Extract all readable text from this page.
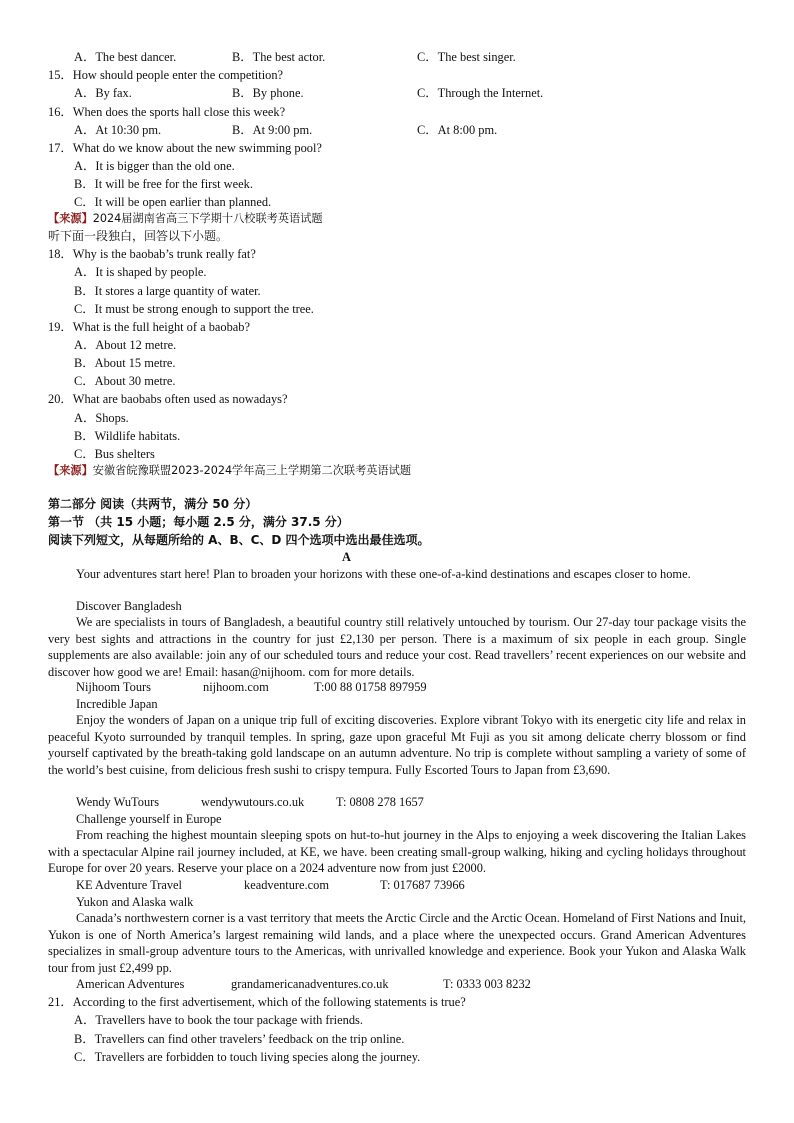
A．The best dancer.	B．The best actor.	C．The best singer.
15．How should people enter the competition?
A．By fax.	B．By phone.	C．Through the Internet.
16．When does the sports hall close this week?
A．At 10:30 pm.	B．At 9:00 pm.	C．At 8:00 pm.
17．What do we know about the new swimming pool?
A．It is bigger than the old one.
B．It will be free for the first week.
C．It will be open earlier than planned.
【来源】2024届湖南省高三下学期十八校联考英语试题
听下面一段独白，回答以下小题。
18．Why is the baobab’s trunk really fat?
A．It is shaped by people.
B．It stores a large quantity of water.
C．It must be strong enough to support the tree.
19．What is the full height of a baobab?
A．About 12 metre.
B．About 15 metre.
C．About 30 metre.
20．What are baobabs often used as nowadays?
A．Shops.
B．Wildlife habitats.
C．Bus shelters
【来源】安徽省皖豫联盟2023-2024学年高三上学期第二次联考英语试题
第二部分 阅读（共两节，满分 50 分）
第一节 （共 15 小题；每小题 2.5 分，满分 37.5 分）
阅读下列短文，从每题所给的 A、B、C、D 四个选项中选出最佳选项。
A
Your adventures start here! Plan to broaden your horizons with these one-of-a-kind destinations and escapes closer to home.
Discover Bangladesh
We are specialists in tours of Bangladesh, a beautiful country still relatively untouched by tourism. Our 27-day tour package visits the very best sights and attractions in the country for just £2,130 per person. There is a maximum of six people in each group. Single supplements are also available: join any of our scheduled tours and reduce your cost. Read travellers’ recent experiences on our website and discover how good we are! Email: hasan@nijhoom. com for more details.
Nijhoom Tours	nijhoom.com	T:00 88 01758 897959
Incredible Japan
Enjoy the wonders of Japan on a unique trip full of exciting discoveries. Explore vibrant Tokyo with its energetic city life and relax in peaceful Kyoto surrounded by tranquil temples. In spring, gaze upon graceful Mt Fuji as you sit among delicate cherry blossom or find yourself captivated by the breath-taking gold landscape on an autumn adventure. No trip is complete without sampling a variety of some of the world’s best cuisine, from delicious fresh sushi to crispy tempura. Fully Escorted Tours to Japan from £3,690.
Wendy WuTours	wendywutours.co.uk	T: 0808 278 1657
Challenge yourself in Europe
From reaching the highest mountain sleeping spots on hut-to-hut journey in the Alps to enjoying a week discovering the Italian Lakes with a spectacular Alpine rail journey included, at KE, we have. been creating small-group walking, hiking and cycling holidays throughout Europe for over 20 years. Reserve your place on a 2024 adventure now from just £2000.
KE Adventure Travel	keadventure.com	T: 017687 73966
Yukon and Alaska walk
Canada’s northwestern corner is a vast territory that meets the Arctic Circle and the Arctic Ocean. Homeland of First Nations and Inuit, Yukon is one of North America’s largest remaining wild lands, and a place where the unexpected occurs. Grand American Adventures specializes in small-group adventure tours to the Americas, with unrivalled knowledge and experience. Book your Yukon and Alaska Walk tour from just £2,499 pp.
American Adventures	grandamericanadventures.co.uk	T: 0333 003 8232
21．According to the first advertisement, which of the following statements is true?
A．Travellers have to book the tour package with friends.
B．Travellers can find other travelers’ feedback on the trip online.
C．Travellers are forbidden to touch living species along the journey.
